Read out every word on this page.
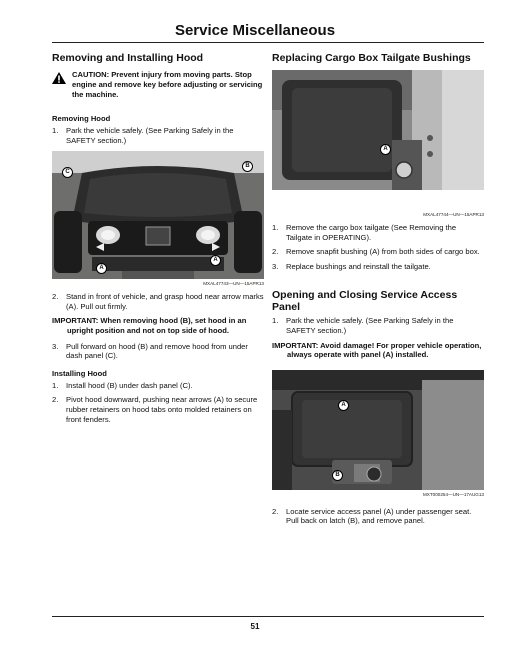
Service Miscellaneous
Removing and Installing Hood
CAUTION: Prevent injury from moving parts. Stop engine and remove key before adjusting or servicing the machine.
Removing Hood
1.	Park the vehicle safely. (See Parking Safely in the SAFETY section.)
C
B
A
A
MXAL47743—UN—15APR13
2.	Stand in front of vehicle, and grasp hood near arrow marks (A). Pull out firmly.
IMPORTANT: When removing hood (B), set hood in an upright position and not on top side of hood.
3.	Pull forward on hood (B) and remove hood from under dash panel (C).
Installing Hood
1.	Install hood (B) under dash panel (C).
2.	Pivot hood downward, pushing near arrows (A) to secure rubber retainers on hood tabs onto molded retainers on front fenders.
Replacing Cargo Box Tailgate Bushings
A
MXAL47744—UN—15APR13
1.	Remove the cargo box tailgate (See Removing the Tailgate in OPERATING).
2.	Remove snapfit bushing (A) from both sides of cargo box.
3.	Replace bushings and reinstall the tailgate.
Opening and Closing Service Access Panel
1.	Park the vehicle safely. (See Parking Safely in the SAFETY section.)
IMPORTANT: Avoid damage! For proper vehicle operation, always operate with panel (A) installed.
A
B
MXT000254—UN—17AUG13
2.	Locate service access panel (A) under passenger seat. Pull back on latch (B), and remove panel.
51
